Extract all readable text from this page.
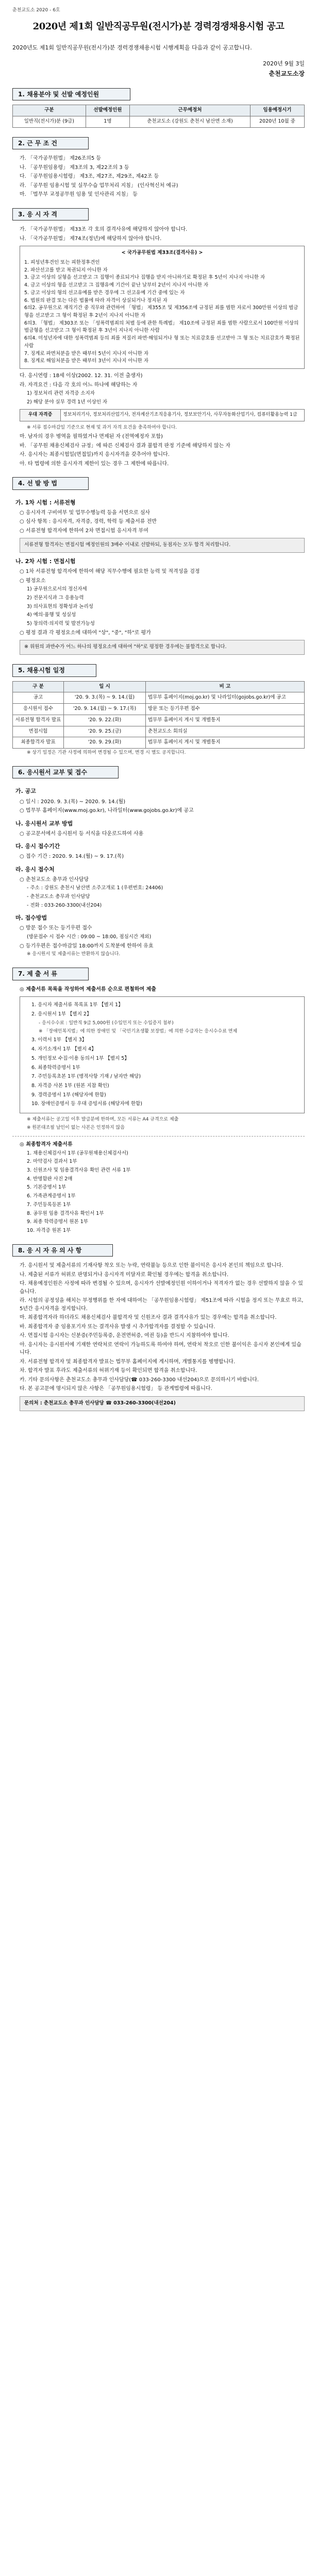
춘천교도소 2020 - 6호
2020년 제1회 일반직공무원(전시가)분 경력경쟁채용시험 공고

2020년도 제1회 일반직공무원(전시가)분 경력경쟁채용시험 시행계획을 다음과 같이 공고합니다.

2020년 9월 3일

춘천교도소장

1. 채용분야 및 선발 예정인원
구분	선발예정인원	근무예정처	임용예정시기
일반직(전시가)분 (9급)	1명	춘천교도소 (강원도 춘천시 남산면 소재)	2020년 10월 중
2. 근 무 조 건
가. 「국가공무원법」 제26조의5 등
나. 「공무원임용령」 제3조의 3, 제22조의 3 등
다. 「공무원임용시험령」 제3조, 제27조, 제29조, 제42조 등
라. 「공무원 임용시험 및 실무수습 업무처리 지침」 (인사혁신처 예규)
마. 「법무부 교정공무원 임용 및 인사관리 지침」 등
3. 응 시 자 격
가. 「국가공무원법」 제33조 각 호의 결격사유에 해당하지 않아야 합니다.
나. 「국가공무원법」 제74조(정년)에 해당하지 않아야 합니다.
< 국가공무원법 제33조(결격사유) >
1. 피성년후견인 또는 피한정후견인
2. 파산선고를 받고 복권되지 아니한 자
3. 금고 이상의 실형을 선고받고 그 집행이 종료되거나 집행을 받지 아니하기로 확정된 후 5년이 지나지 아니한 자
4. 금고 이상의 형을 선고받고 그 집행유예 기간이 끝난 날부터 2년이 지나지 아니한 자
5. 금고 이상의 형의 선고유예를 받은 경우에 그 선고유예 기간 중에 있는 자
6. 법원의 판결 또는 다른 법률에 따라 자격이 상실되거나 정지된 자
6의2. 공무원으로 재직기간 중 직무와 관련하여 「형법」 제355조 및 제356조에 규정된 죄를 범한 자로서 300만원 이상의 벌금형을 선고받고 그 형이 확정된 후 2년이 지나지 아니한 자
6의3. 「형법」 제303조 또는 「성폭력범죄의 처벌 등에 관한 특례법」 제10조에 규정된 죄를 범한 사람으로서 100만원 이상의 벌금형을 선고받고 그 형이 확정된 후 3년이 지나지 아니한 사람
6의4. 미성년자에 대한 성폭력범죄 등의 죄를 저질러 파면·해임되거나 형 또는 치료감호를 선고받아 그 형 또는 치료감호가 확정된 사람
7. 징계로 파면처분을 받은 때부터 5년이 지나지 아니한 자
8. 징계로 해임처분을 받은 때부터 3년이 지나지 아니한 자
다. 응시연령 : 18세 이상(2002. 12. 31. 이전 출생자)
라. 자격요건 : 다음 각 호의 어느 하나에 해당하는 자
1) 정보처리 관련 자격증 소지자
2) 해당 분야 실무 경력 1년 이상인 자
우대 자격증	정보처리기사, 정보처리산업기사, 전자계산기조직응용기사, 정보보안기사, 사무자동화산업기사, 컴퓨터활용능력 1급
※ 서류 접수마감일 기준으로 현재 및 과거 자격 요건을 충족하여야 합니다.
마. 남자의 경우 병역을 필하였거나 면제된 자 (전역예정자 포함)
바. 「공무원 채용신체검사 규정」에 따른 신체검사 결과 불합격 판정 기준에 해당하지 않는 자
사. 응시자는 최종시험일(면접일)까지 응시자격을 갖추어야 합니다.
아. 타 법령에 의한 응시자격 제한이 있는 경우 그 제한에 따릅니다.
4. 선 발 방 법
가. 1차 시험 : 서류전형
○ 응시자격 구비여부 및 업무수행능력 등을 서면으로 심사
○ 심사 항목 : 응시자격, 자격증, 경력, 학력 등 제출서류 전반
○ 서류전형 합격자에 한하여 2차 면접시험 응시자격 부여
서류전형 합격자는 면접시험 예정인원의 3배수 이내로 선발하되, 동점자는 모두 합격 처리합니다.
나. 2차 시험 : 면접시험
○ 1차 서류전형 합격자에 한하여 해당 직무수행에 필요한 능력 및 적격성을 검정
○ 평정요소
1) 공무원으로서의 정신자세
2) 전문지식과 그 응용능력
3) 의사표현의 정확성과 논리성
4) 예의·품행 및 성실성
5) 창의력·의지력 및 발전가능성
○ 평정 결과 각 평정요소에 대하여 "상", "중", "하"로 평가
※ 위원의 과반수가 어느 하나의 평정요소에 대하여 "하"로 평정한 경우에는 불합격으로 합니다.
5. 채용시험 일정
구 분	일 시	비 고
공고	'20. 9. 3.(목) ~ 9. 14.(월)	법무부 홈페이지(moj.go.kr) 및 나라일터(gojobs.go.kr)에 공고
응시원서 접수	'20. 9. 14.(월) ~ 9. 17.(목)	방문 또는 등기우편 접수
서류전형 합격자 발표	'20. 9. 22.(화)	법무부 홈페이지 게시 및 개별통지
면접시험	'20. 9. 25.(금)	춘천교도소 회의실
최종합격자 발표	'20. 9. 29.(화)	법무부 홈페이지 게시 및 개별통지
※ 상기 일정은 기관 사정에 의하여 변경될 수 있으며, 변경 시 별도 공지합니다.
6. 응시원서 교부 및 접수
가. 공고
○ 일시 : 2020. 9. 3.(목) ~ 2020. 9. 14.(월)
○ 법무부 홈페이지(www.moj.go.kr), 나라일터(www.gojobs.go.kr)에 공고
나. 응시원서 교부 방법
○ 공고문서에서 응시원서 등 서식을 다운로드하여 사용
다. 응시 접수기간
○ 접수 기간 : 2020. 9. 14.(월) ~ 9. 17.(목)
라. 응시 접수처
○ 춘천교도소 총무과 인사담당
- 주소 : 강원도 춘천시 남산면 소주고개로 1 (우편번호: 24406)
- 춘천교도소 총무과 인사담당
- 전화 : 033-260-3300(내선204)
마. 접수방법
○ 방문 접수 또는 등기우편 접수
(방문접수 시 접수 시간 : 09:00 ~ 18:00, 점심시간 제외)
○ 등기우편은 접수마감일 18:00까지 도착분에 한하여 유효
※ 응시원서 및 제출서류는 반환하지 않습니다.
7. 제 출 서 류
◎ 제출서류 목록을 작성하여 제출서류 순으로 편철하여 제출
1. 응시자 제출서류 목록표 1부 【별지 1】
2. 응시원서 1부 【별지 2】
- 응시수수료 : 일반직 9급 5,000원 (수입인지 또는 수입증지 첨부)
※ 「장애인복지법」에 의한 장애인 및 「국민기초생활 보장법」에 의한 수급자는 응시수수료 면제
3. 이력서 1부 【별지 3】
4. 자기소개서 1부 【별지 4】
5. 개인정보 수집·이용 동의서 1부 【별지 5】
6. 최종학력증명서 1부
7. 주민등록초본 1부 (병적사항 기재 / 남자만 해당)
8. 자격증 사본 1부 (원본 지참 확인)
9. 경력증명서 1부 (해당자에 한함)
10. 장애인증명서 등 우대 증빙서류 (해당자에 한함)
※ 제출서류는 공고일 이후 발급분에 한하며, 모든 서류는 A4 규격으로 제출
※ 원본대조필 날인이 없는 사본은 인정하지 않음
◎ 최종합격자 제출서류
1. 채용신체검사서 1부 (공무원채용신체검사서)
2. 마약검사 결과서 1부
3. 신원조사 및 임용결격사유 확인 관련 서류 1부
4. 반명함판 사진 2매
5. 기본증명서 1부
6. 가족관계증명서 1부
7. 주민등록등본 1부
8. 공무원 임용 결격사유 확인서 1부
9. 최종 학력증명서 원본 1부
10. 자격증 원본 1부
8. 응 시 자 유 의 사 항
가. 응시원서 및 제출서류의 기재사항 착오 또는 누락, 연락불능 등으로 인한 불이익은 응시자 본인의 책임으로 합니다.
나. 제출된 서류가 허위로 판명되거나 응시자격 미달자로 확인될 경우에는 합격을 취소합니다.
다. 채용예정인원은 사정에 따라 변경될 수 있으며, 응시자가 선발예정인원 이하이거나 적격자가 없는 경우 선발하지 않을 수 있습니다.
라. 시험의 공정성을 해치는 부정행위를 한 자에 대하여는 「공무원임용시험령」 제51조에 따라 시험을 정지 또는 무효로 하고, 5년간 응시자격을 정지합니다.
마. 최종합격자라 하더라도 채용신체검사 불합격자 및 신원조사 결과 결격사유가 있는 경우에는 합격을 취소합니다.
바. 최종합격자 중 임용포기자 또는 결격사유 발생 시 추가합격자를 결정할 수 있습니다.
사. 면접시험 응시자는 신분증(주민등록증, 운전면허증, 여권 등)을 반드시 지참하여야 합니다.
아. 응시자는 응시원서에 기재한 연락처로 연락이 가능하도록 하여야 하며, 연락처 착오로 인한 불이익은 응시자 본인에게 있습니다.
자. 서류전형 합격자 및 최종합격자 발표는 법무부 홈페이지에 게시하며, 개별통지를 병행합니다.
차. 합격자 발표 후라도 제출서류의 허위기재 등이 확인되면 합격을 취소합니다.
카. 기타 문의사항은 춘천교도소 총무과 인사담당(☎ 033-260-3300 내선204)으로 문의하시기 바랍니다.
타. 본 공고문에 명시되지 않은 사항은 「공무원임용시험령」 등 관계법령에 따릅니다.
문의처 : 춘천교도소 총무과 인사담당 ☎ 033-260-3300(내선204)
